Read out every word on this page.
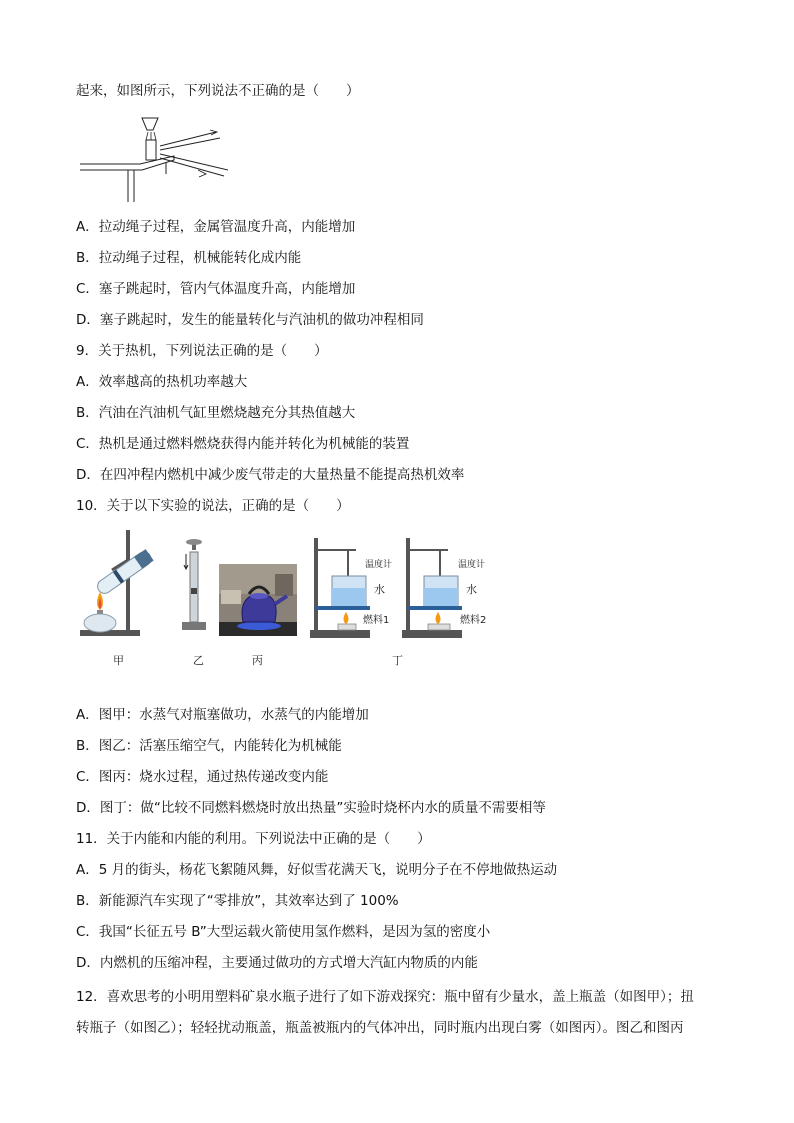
起来，如图所示，下列说法不正确的是（　　）
A．拉动绳子过程，金属管温度升高，内能增加
B．拉动绳子过程，机械能转化成内能
C．塞子跳起时，管内气体温度升高，内能增加
D．塞子跳起时，发生的能量转化与汽油机的做功冲程相同
9．关于热机，下列说法正确的是（　　）
A．效率越高的热机功率越大
B．汽油在汽油机气缸里燃烧越充分其热值越大
C．热机是通过燃料燃烧获得内能并转化为机械能的装置
D．在四冲程内燃机中减少废气带走的大量热量不能提高热机效率
10．关于以下实验的说法，正确的是（　　）
甲	乙	丙
温度计
水
燃料1
温度计
水
燃料2
丁
A．图甲：水蒸气对瓶塞做功，水蒸气的内能增加
B．图乙：活塞压缩空气，内能转化为机械能
C．图丙：烧水过程，通过热传递改变内能
D．图丁：做“比较不同燃料燃烧时放出热量”实验时烧杯内水的质量不需要相等
11．关于内能和内能的利用。下列说法中正确的是（　　）
A．5 月的街头，杨花飞絮随风舞，好似雪花满天飞，说明分子在不停地做热运动
B．新能源汽车实现了“零排放”，其效率达到了 100%
C．我国“长征五号 B”大型运载火箭使用氢作燃料，是因为氢的密度小
D．内燃机的压缩冲程，主要通过做功的方式增大汽缸内物质的内能
12．喜欢思考的小明用塑料矿泉水瓶子进行了如下游戏探究：瓶中留有少量水，盖上瓶盖（如图甲）；扭
转瓶子（如图乙）；轻轻扰动瓶盖，瓶盖被瓶内的气体冲出，同时瓶内出现白雾（如图丙）。图乙和图丙
